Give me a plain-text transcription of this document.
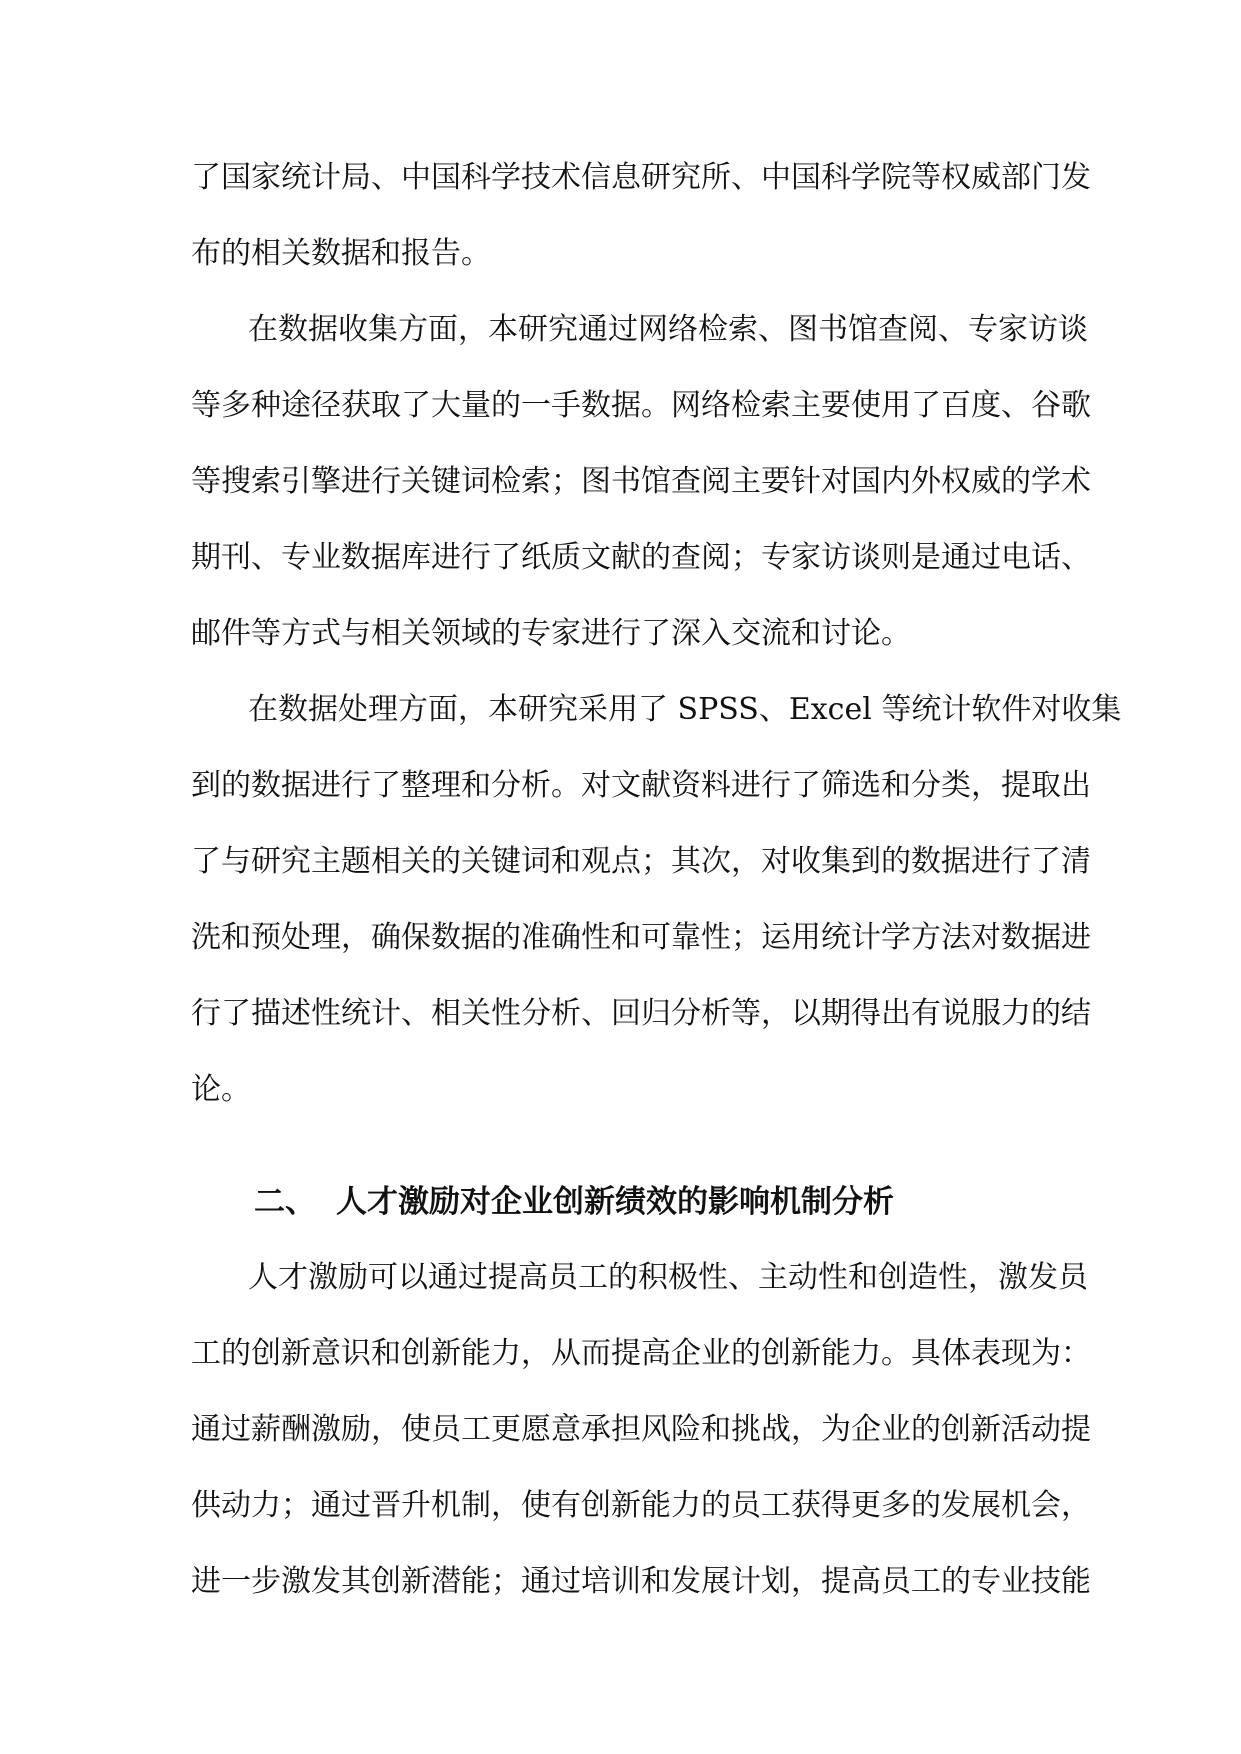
了国家统计局、中国科学技术信息研究所、中国科学院等权威部门发
布的相关数据和报告。
在数据收集方面，本研究通过网络检索、图书馆查阅、专家访谈
等多种途径获取了大量的一手数据。网络检索主要使用了百度、谷歌
等搜索引擎进行关键词检索；图书馆查阅主要针对国内外权威的学术
期刊、专业数据库进行了纸质文献的查阅；专家访谈则是通过电话、
邮件等方式与相关领域的专家进行了深入交流和讨论。
在数据处理方面，本研究采用了 SPSS、Excel 等统计软件对收集
到的数据进行了整理和分析。对文献资料进行了筛选和分类，提取出
了与研究主题相关的关键词和观点；其次，对收集到的数据进行了清
洗和预处理，确保数据的准确性和可靠性；运用统计学方法对数据进
行了描述性统计、相关性分析、回归分析等，以期得出有说服力的结
论。
二、 人才激励对企业创新绩效的影响机制分析
人才激励可以通过提高员工的积极性、主动性和创造性，激发员
工的创新意识和创新能力，从而提高企业的创新能力。具体表现为：
通过薪酬激励，使员工更愿意承担风险和挑战，为企业的创新活动提
供动力；通过晋升机制，使有创新能力的员工获得更多的发展机会，
进一步激发其创新潜能；通过培训和发展计划，提高员工的专业技能
